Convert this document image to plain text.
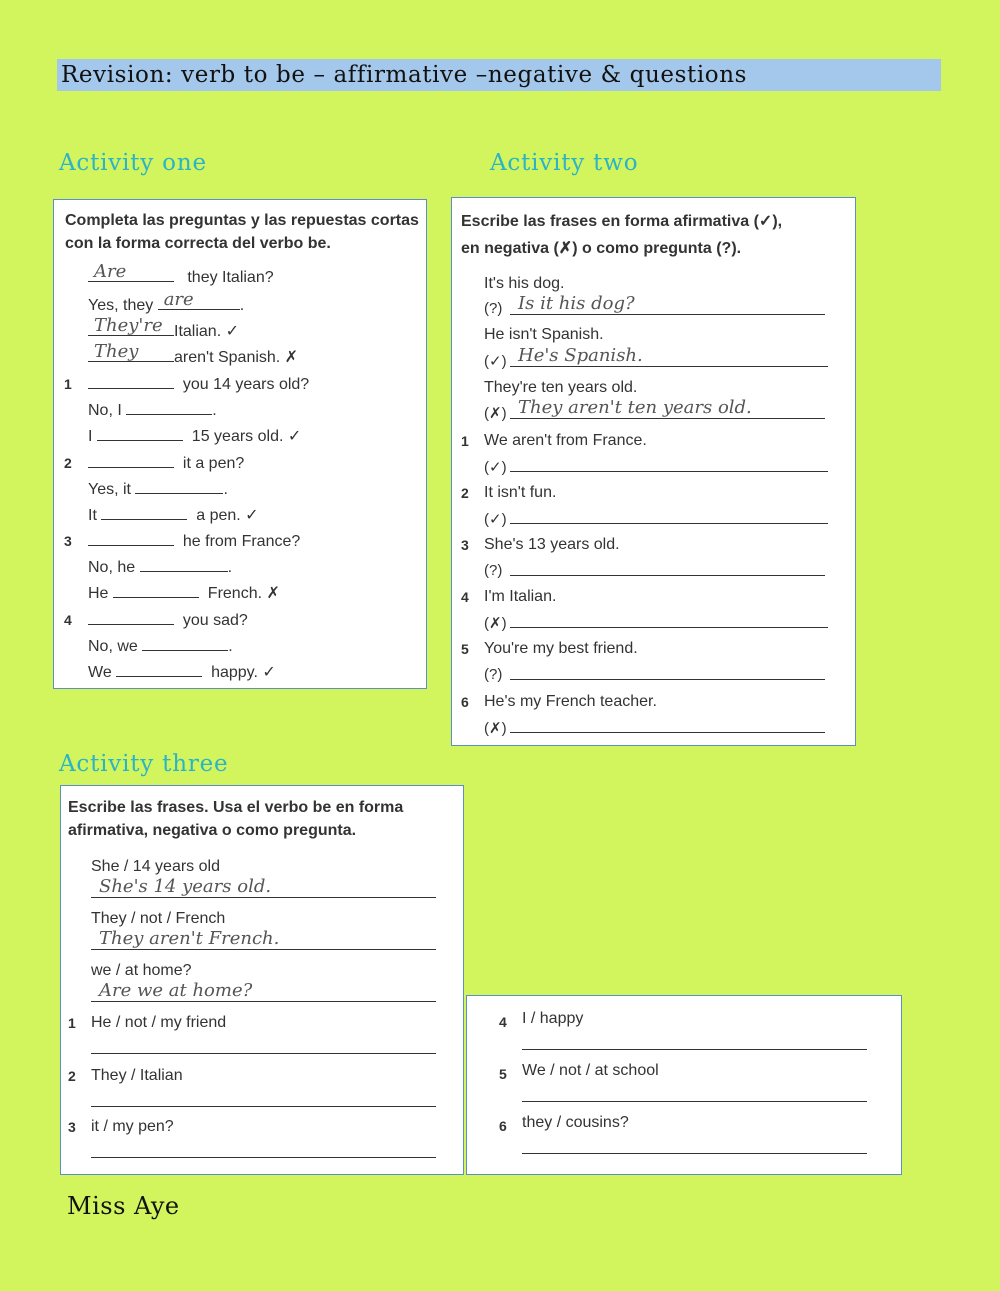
Revision: verb to be – affirmative –negative & questions
Activity one
Completa las preguntas y las repuestas cortas con la forma correcta del verbo be.
Are	they Italian?
Yes, they are	.
They're Italian. ✓
They aren't Spanish. ✗
1	you 14 years old?
No, I	.
I	15 years old. ✓
2	it a pen?
Yes, it	.
It	a pen. ✓
3	he from France?
No, he	.
He	French. ✗
4	you sad?
No, we	.
We	happy. ✓
Activity two
Escribe las frases en forma afirmativa (✓),
en negativa (✗) o como pregunta (?).
It's his dog.
(?) Is it his dog?
He isn't Spanish.
(✓) He's Spanish.
They're ten years old.
(✗) They aren't ten years old.
1 We aren't from France.
(✓)
2 It isn't fun.
(✓)
3 She's 13 years old.
(?)
4 I'm Italian.
(✗)
5 You're my best friend.
(?)
6 He's my French teacher.
(✗)
Activity three
Escribe las frases. Usa el verbo be en forma afirmativa, negativa o como pregunta.
She / 14 years old
She's 14 years old.
They / not / French
They aren't French.
we / at home?
Are we at home?
1 He / not / my friend
2 They / Italian
3 it / my pen?
4 I / happy
5 We / not / at school
6 they / cousins?
Miss Aye
